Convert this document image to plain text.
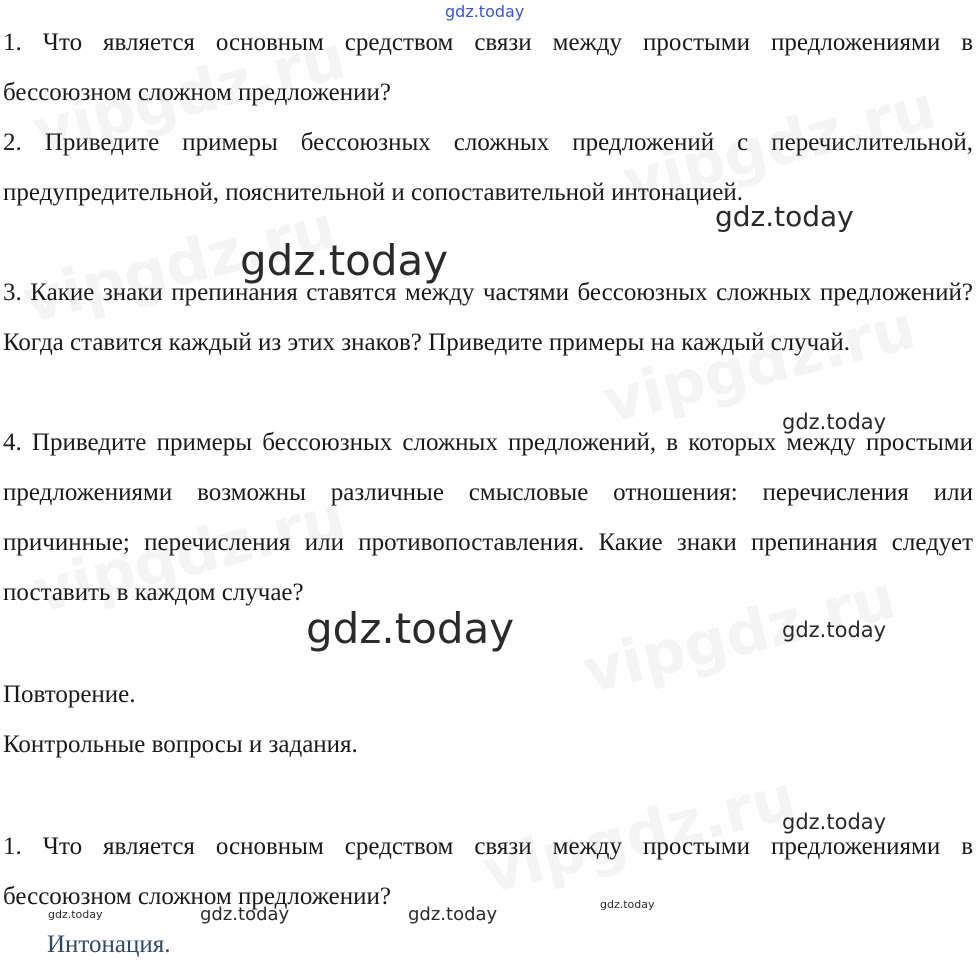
gdz.today

1. Что является основным средством связи между простыми предложениями в бессоюзном сложном предложении?

2. Приведите примеры бессоюзных сложных предложений с перечислительной, предупредительной, пояснительной и сопоставительной интонацией.

3. Какие знаки препинания ставятся между частями бессоюзных сложных предложений? Когда ставится каждый из этих знаков? Приведите примеры на каждый случай.

4. Приведите примеры бессоюзных сложных предложений, в которых между простыми предложениями возможны различные смысловые отношения: перечисления или причинные; перечисления или противопоставления. Какие знаки препинания следует поставить в каждом случае?

Повторение.

Контрольные вопросы и задания.

1. Что является основным средством связи между простыми предложениями в бессоюзном сложном предложении?

Интонация.
gdz.today
gdz.today
gdz.today
gdz.today	gdz.today
gdz.today
gdz.today	gdz.today	gdz.today	gdz.today
